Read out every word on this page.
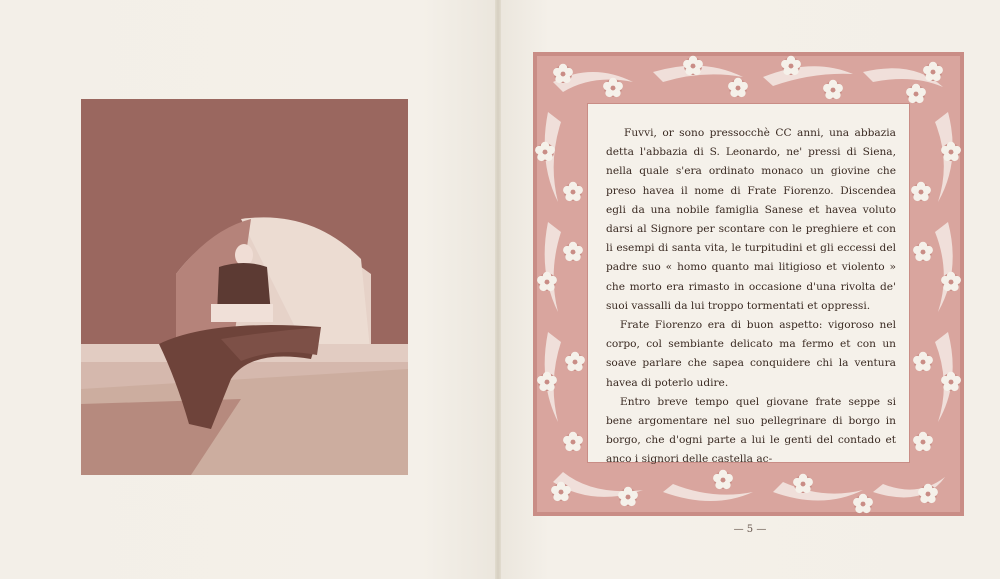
Fuvvi, or sono pressocchè CC anni, una abbazia detta l'abbazia di S. Leonardo, ne' pressi di Siena, nella quale s'era ordinato monaco un giovine che preso havea il nome di Frate Fiorenzo. Discendea egli da una nobile famiglia Sanese et havea voluto darsi al Signore per scontare con le preghiere et con li esempi di santa vita, le turpitudini et gli eccessi del padre suo « homo quanto mai litigioso et violento » che morto era rimasto in occasione d'una rivolta de' suoi vassalli da lui troppo tormentati et oppressi.

Frate Fiorenzo era di buon aspetto: vigoroso nel corpo, col sembiante delicato ma fermo et con un soave parlare che sapea conquidere chi la ventura havea di poterlo udire.

Entro breve tempo quel giovane frate seppe si bene argomentare nel suo pellegrinare di borgo in borgo, che d'ogni parte a lui le genti del contado et anco i signori delle castella ac-

— 5 —
